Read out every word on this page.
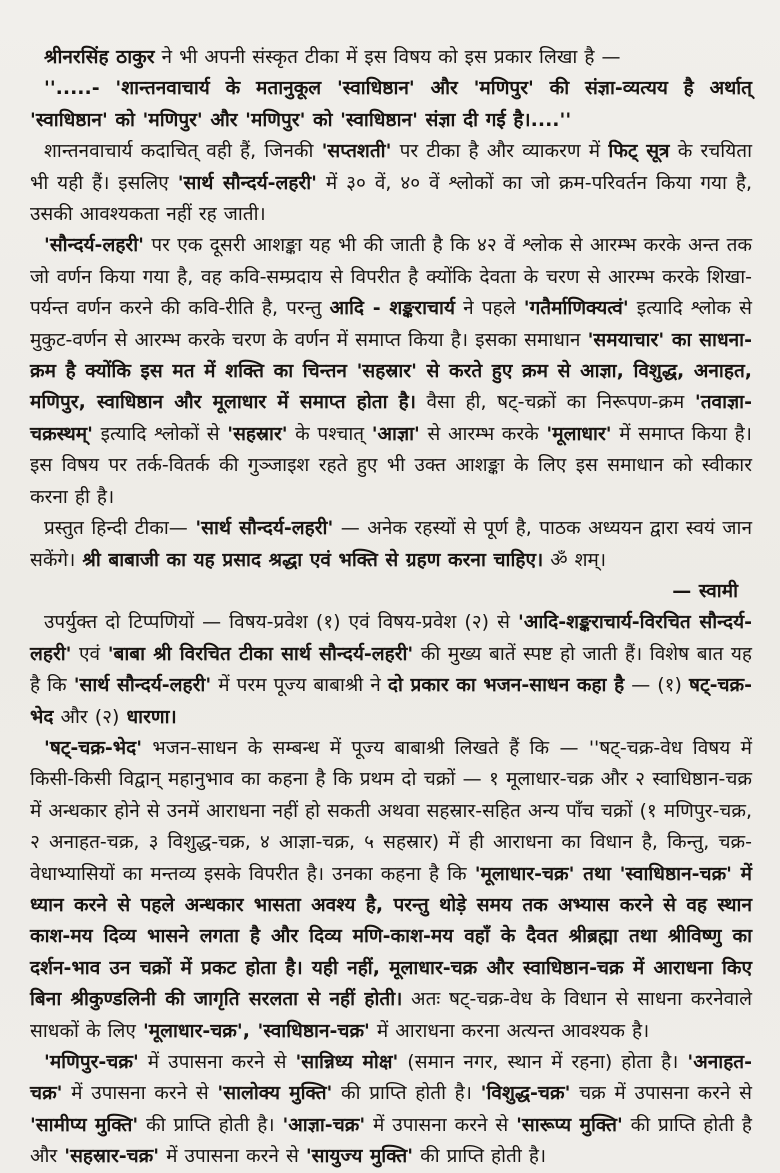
श्रीनरसिंह ठाकुर ने भी अपनी संस्कृत टीका में इस विषय को इस प्रकार लिखा है —

''.....- 'शान्तनवाचार्य के मतानुकूल 'स्वाधिष्ठान' और 'मणिपुर' की संज्ञा-व्यत्यय है अर्थात् 'स्वाधिष्ठान' को 'मणिपुर' और 'मणिपुर' को 'स्वाधिष्ठान' संज्ञा दी गई है।....''

शान्तनवाचार्य कदाचित् वही हैं, जिनकी 'सप्तशती' पर टीका है और व्याकरण में फिट् सूत्र के रचयिता भी यही हैं। इसलिए 'सार्थ सौन्दर्य-लहरी' में ३० वें, ४० वें श्लोकों का जो क्रम-परिवर्तन किया गया है, उसकी आवश्यकता नहीं रह जाती।

'सौन्दर्य-लहरी' पर एक दूसरी आशङ्का यह भी की जाती है कि ४२ वें श्लोक से आरम्भ करके अन्त तक जो वर्णन किया गया है, वह कवि-सम्प्रदाय से विपरीत है क्योंकि देवता के चरण से आरम्भ करके शिखा-पर्यन्त वर्णन करने की कवि-रीति है, परन्तु आदि - शङ्कराचार्य ने पहले 'गतैर्माणिक्यत्वं' इत्यादि श्लोक से मुकुट-वर्णन से आरम्भ करके चरण के वर्णन में समाप्त किया है। इसका समाधान 'समयाचार' का साधना-क्रम है क्योंकि इस मत में शक्ति का चिन्तन 'सहस्रार' से करते हुए क्रम से आज्ञा, विशुद्ध, अनाहत, मणिपुर, स्वाधिष्ठान और मूलाधार में समाप्त होता है। वैसा ही, षट्-चक्रों का निरूपण-क्रम 'तवाज्ञा-चक्रस्थम्' इत्यादि श्लोकों से 'सहस्रार' के पश्चात् 'आज्ञा' से आरम्भ करके 'मूलाधार' में समाप्त किया है। इस विषय पर तर्क-वितर्क की गुञ्जाइश रहते हुए भी उक्त आशङ्का के लिए इस समाधान को स्वीकार करना ही है।

प्रस्तुत हिन्दी टीका— 'सार्थ सौन्दर्य-लहरी' — अनेक रहस्यों से पूर्ण है, पाठक अध्ययन द्वारा स्वयं जान सकेंगे। श्री बाबाजी का यह प्रसाद श्रद्धा एवं भक्ति से ग्रहण करना चाहिए। ॐ शम्।

— स्वामी

उपर्युक्त दो टिप्पणियों — विषय-प्रवेश (१) एवं विषय-प्रवेश (२) से 'आदि-शङ्कराचार्य-विरचित सौन्दर्य-लहरी' एवं 'बाबा श्री विरचित टीका सार्थ सौन्दर्य-लहरी' की मुख्य बातें स्पष्ट हो जाती हैं। विशेष बात यह है कि 'सार्थ सौन्दर्य-लहरी' में परम पूज्य बाबाश्री ने दो प्रकार का भजन-साधन कहा है — (१) षट्-चक्र-भेद और (२) धारणा।

'षट्-चक्र-भेद' भजन-साधन के सम्बन्ध में पूज्य बाबाश्री लिखते हैं कि — ''षट्-चक्र-वेध विषय में किसी-किसी विद्वान् महानुभाव का कहना है कि प्रथम दो चक्रों — १ मूलाधार-चक्र और २ स्वाधिष्ठान-चक्र में अन्धकार होने से उनमें आराधना नहीं हो सकती अथवा सहस्रार-सहित अन्य पाँच चक्रों (१ मणिपुर-चक्र, २ अनाहत-चक्र, ३ विशुद्ध-चक्र, ४ आज्ञा-चक्र, ५ सहस्रार) में ही आराधना का विधान है, किन्तु, चक्र-वेधाभ्यासियों का मन्तव्य इसके विपरीत है। उनका कहना है कि 'मूलाधार-चक्र' तथा 'स्वाधिष्ठान-चक्र' में ध्यान करने से पहले अन्धकार भासता अवश्य है, परन्तु थोड़े समय तक अभ्यास करने से वह स्थान काश-मय दिव्य भासने लगता है और दिव्य मणि-काश-मय वहाँ के दैवत श्रीब्रह्मा तथा श्रीविष्णु का दर्शन-भाव उन चक्रों में प्रकट होता है। यही नहीं, मूलाधार-चक्र और स्वाधिष्ठान-चक्र में आराधना किए बिना श्रीकुण्डलिनी की जागृति सरलता से नहीं होती। अतः षट्-चक्र-वेध के विधान से साधना करनेवाले साधकों के लिए 'मूलाधार-चक्र', 'स्वाधिष्ठान-चक्र' में आराधना करना अत्यन्त आवश्यक है।

'मणिपुर-चक्र' में उपासना करने से 'सान्निध्य मोक्ष' (समान नगर, स्थान में रहना) होता है। 'अनाहत-चक्र' में उपासना करने से 'सालोक्य मुक्ति' की प्राप्ति होती है। 'विशुद्ध-चक्र' चक्र में उपासना करने से 'सामीप्य मुक्ति' की प्राप्ति होती है। 'आज्ञा-चक्र' में उपासना करने से 'सारूप्य मुक्ति' की प्राप्ति होती है और 'सहस्रार-चक्र' में उपासना करने से 'सायुज्य मुक्ति' की प्राप्ति होती है।
